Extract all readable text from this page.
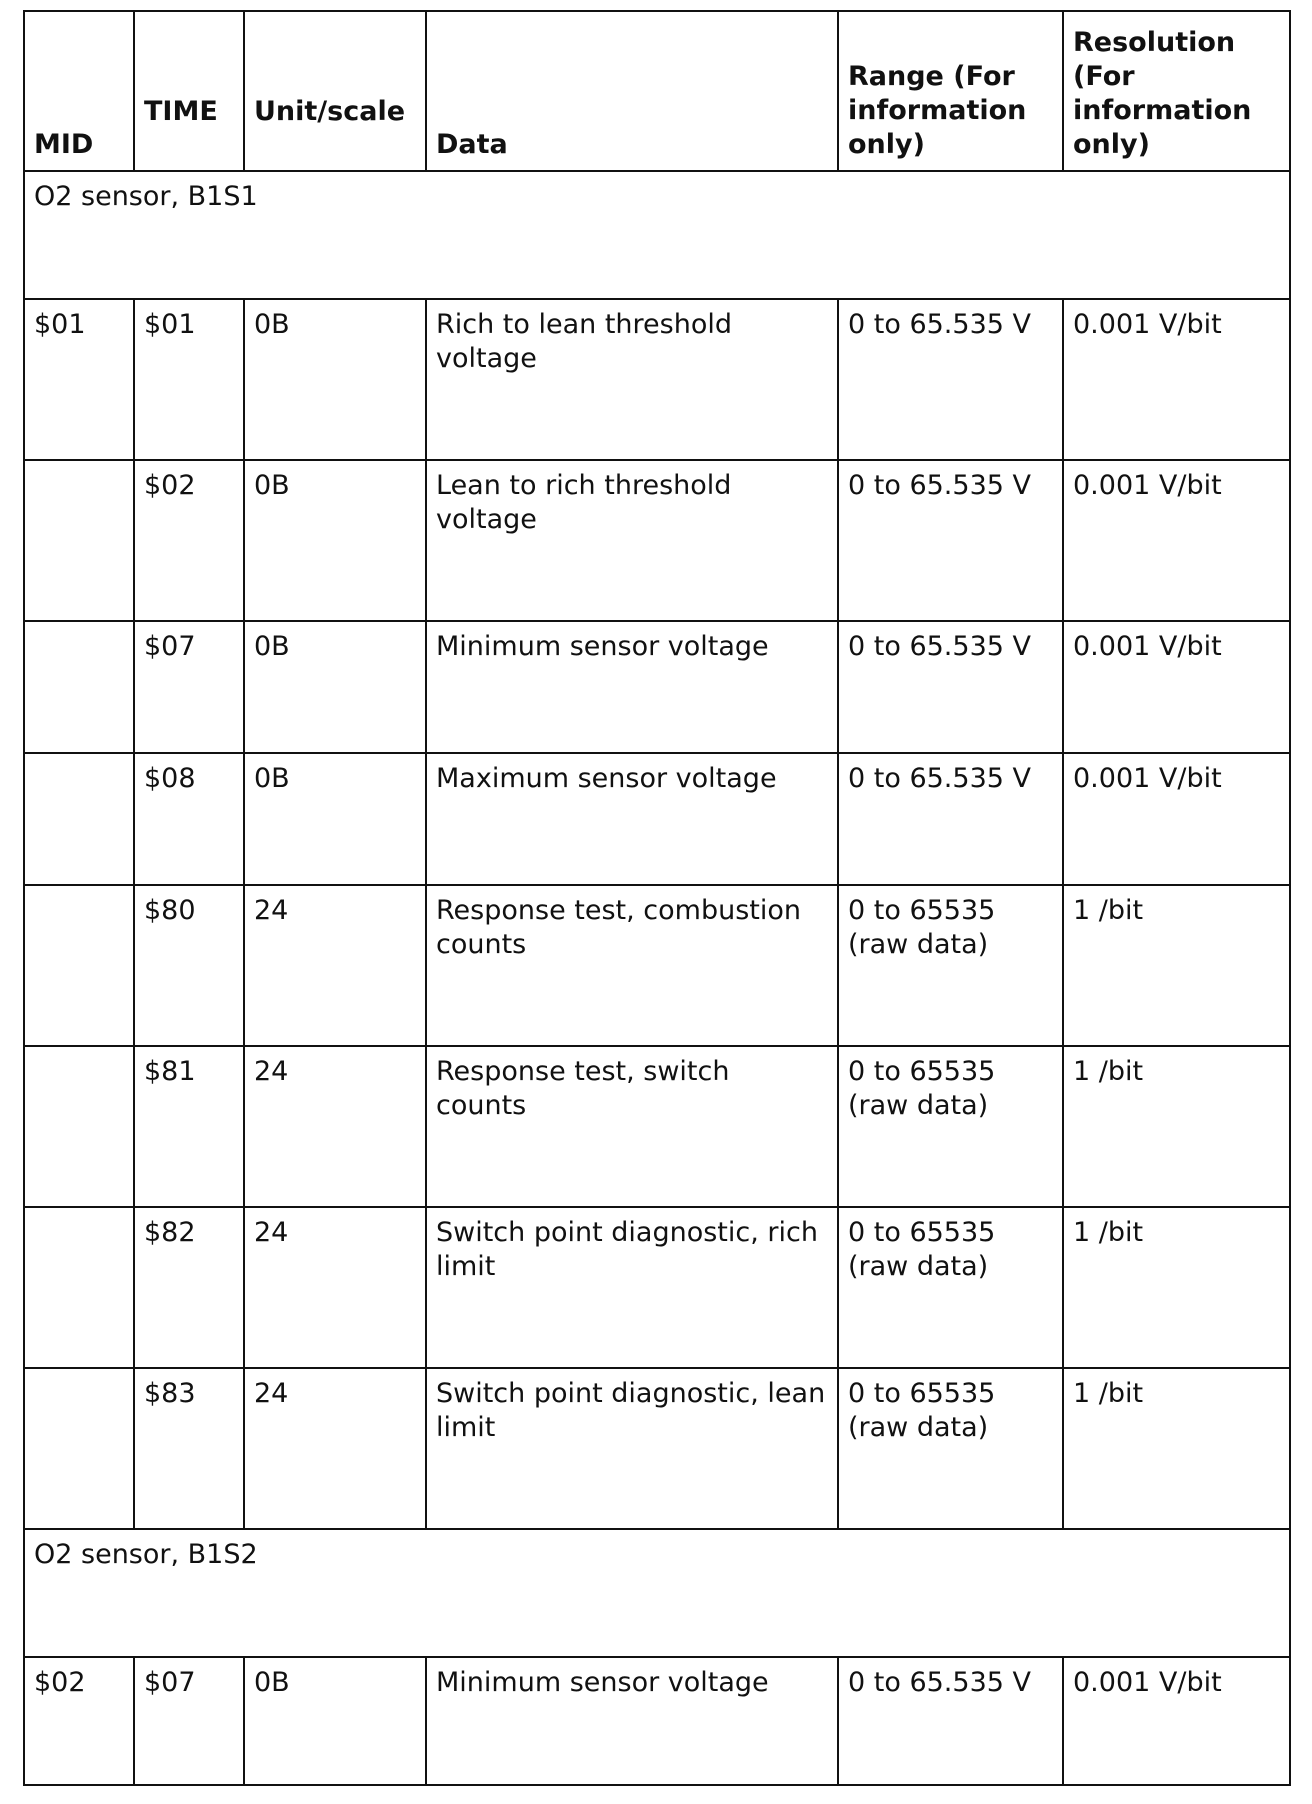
MID	TIME	Unit/scale	Data	Range (For information only)	Resolution (For information only)
O2 sensor, B1S1					
$01	$01	0B	Rich to lean threshold voltage	0 to 65.535 V	0.001 V/bit
	$02	0B	Lean to rich threshold voltage	0 to 65.535 V	0.001 V/bit
	$07	0B	Minimum sensor voltage	0 to 65.535 V	0.001 V/bit
	$08	0B	Maximum sensor voltage	0 to 65.535 V	0.001 V/bit
	$80	24	Response test, combustion counts	0 to 65535 (raw data)	1 /bit
	$81	24	Response test, switch counts	0 to 65535 (raw data)	1 /bit
	$82	24	Switch point diagnostic, rich limit	0 to 65535 (raw data)	1 /bit
	$83	24	Switch point diagnostic, lean limit	0 to 65535 (raw data)	1 /bit
O2 sensor, B1S2					
$02	$07	0B	Minimum sensor voltage	0 to 65.535 V	0.001 V/bit
